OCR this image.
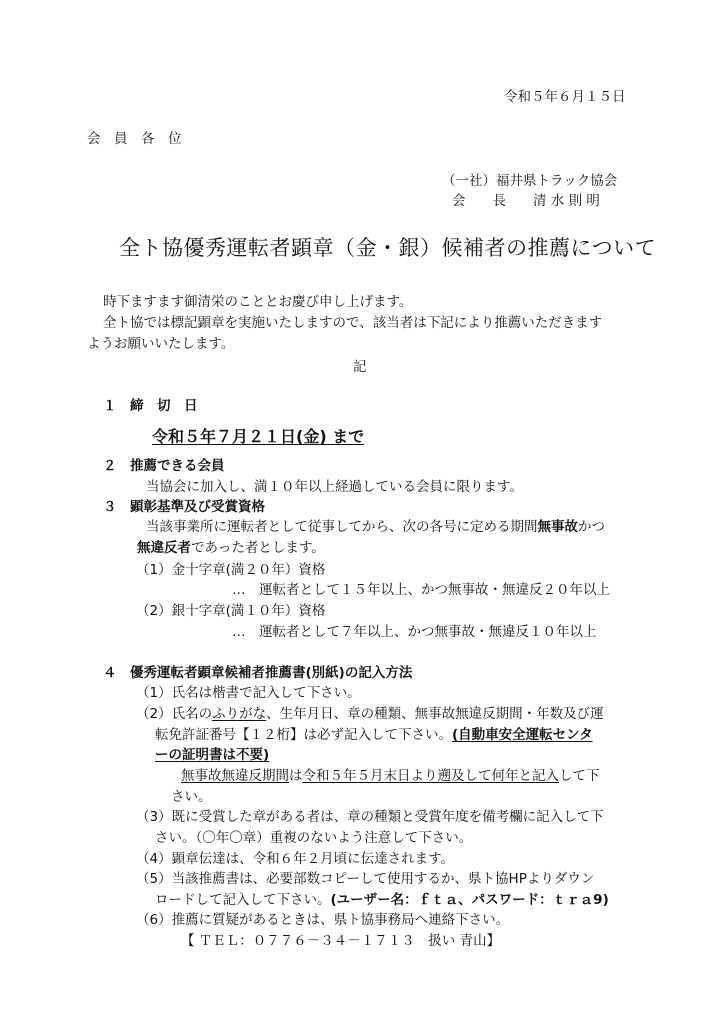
令和５年６月１５日
会　員　各　位
（一社）福井県トラック協会
会　　長　　清 水 則 明
全ト協優秀運転者顕章（金・銀）候補者の推薦について
時下ますます御清栄のこととお慶び申し上げます。
全ト協では標記顕章を実施いたしますので、該当者は下記により推薦いただきます
ようお願いいたします。
記
１ 締　切　日
令和５年７月２１日(金) まで
２ 推薦できる会員
当協会に加入し、満１０年以上経過している会員に限ります。
３ 顕彰基準及び受賞資格
当該事業所に運転者として従事してから、次の各号に定める期間無事故かつ
無違反者であった者とします。
（1）金十字章(満２０年）資格
…　運転者として１５年以上、かつ無事故・無違反２０年以上
（2）銀十字章(満１０年）資格
…　運転者として７年以上、かつ無事故・無違反１０年以上
４ 優秀運転者顕章候補者推薦書(別紙)の記入方法
（1）氏名は楷書で記入して下さい。
（2）氏名のふりがな、生年月日、章の種類、無事故無違反期間・年数及び運
転免許証番号【１２桁】は必ず記入して下さい。(自動車安全運転センタ
ーの証明書は不要)
無事故無違反期間は令和５年５月末日より遡及して何年と記入して下
さい。
（3）既に受賞した章がある者は、章の種類と受賞年度を備考欄に記入して下
さい。（〇年〇章）重複のないよう注意して下さい。
（4）顕章伝達は、令和６年２月頃に伝達されます。
（5）当該推薦書は、必要部数コピーして使用するか、県ト協HPよりダウン
ロードして記入して下さい。(ユーザー名：ｆｔａ、パスワード：ｔｒａ9)
（6）推薦に質疑があるときは、県ト協事務局へ連絡下さい。
【 ＴＥＬ：０７７６－３４－１７１３　扱い 青山】
